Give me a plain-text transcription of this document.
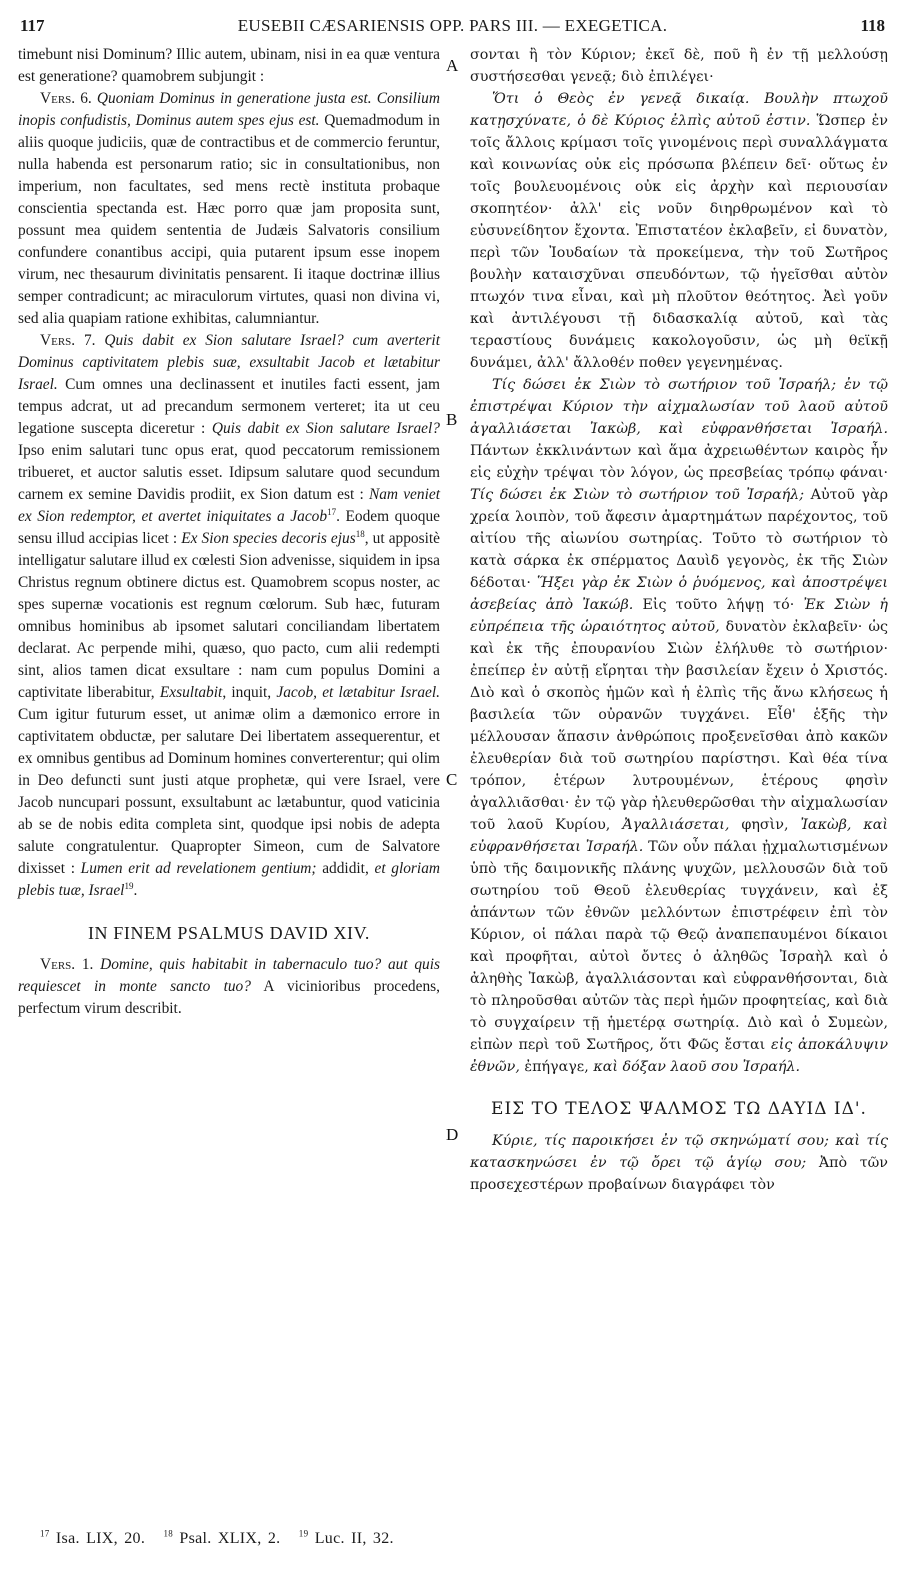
117	EUSEBII CÆSARIENSIS OPP. PARS III. — EXEGETICA.	118

timebunt nisi Dominum? Illic autem, ubinam, nisi in ea quæ ventura est generatione? quamobrem subjungit :

Vers. 6. Quoniam Dominus in generatione justa est. Consilium inopis confudistis, Dominus autem spes ejus est. Quemadmodum in aliis quoque judiciis, quæ de contractibus et de commercio feruntur, nulla habenda est personarum ratio; sic in consultationibus, non imperium, non facultates, sed mens rectè instituta probaque conscientia spectanda est. Hæc porro quæ jam proposita sunt, possunt mea quidem sententia de Judæis Salvatoris consilium confundere conantibus accipi, quia putarent ipsum esse inopem virum, nec thesaurum divinitatis pensarent. Ii itaque doctrinæ illius semper contradicunt; ac miraculorum virtutes, quasi non divina vi, sed alia quapiam ratione exhibitas, calumniantur.

Vers. 7. Quis dabit ex Sion salutare Israel? cum averterit Dominus captivitatem plebis suæ, exsultabit Jacob et lætabitur Israel. Cum omnes una declinassent et inutiles facti essent, jam tempus adcrat, ut ad precandum sermonem verteret; ita ut ceu legatione suscepta diceretur : Quis dabit ex Sion salutare Israel? Ipso enim salutari tunc opus erat, quod peccatorum remissionem tribueret, et auctor salutis esset. Idipsum salutare quod secundum carnem ex semine Davidis prodiit, ex Sion datum est : Nam veniet ex Sion redemptor, et avertet iniquitates a Jacob$^{17}$. Eodem quoque sensu illud accipias licet : Ex Sion species decoris ejus$^{18}$, ut appositè intelligatur salutare illud ex cœlesti Sion advenisse, siquidem in ipsa Christus regnum obtinere dictus est. Quamobrem scopus noster, ac spes supernæ vocationis est regnum cœlorum. Sub hæc, futuram omnibus hominibus ab ipsomet salutari conciliandam libertatem declarat. Ac perpende mihi, quæso, quo pacto, cum alii redempti sint, alios tamen dicat exsultare : nam cum populus Domini a captivitate liberabitur, Exsultabit, inquit, Jacob, et lætabitur Israel. Cum igitur futurum esset, ut animæ olim a dæmonico errore in captivitatem obductæ, per salutare Dei libertatem assequerentur, et ex omnibus gentibus ad Dominum homines converterentur; qui olim in Deo defuncti sunt justi atque prophetæ, qui vere Israel, vere Jacob nuncupari possunt, exsultabunt ac lætabuntur, quod vaticinia ab se de nobis edita completa sint, quodque ipsi nobis de adepta salute congratulentur. Quapropter Simeon, cum de Salvatore dixisset : Lumen erit ad revelationem gentium; addidit, et gloriam plebis tuæ, Israel$^{19}$.

IN FINEM PSALMUS DAVID XIV.

Vers. 1. Domine, quis habitabit in tabernaculo tuo? aut quis requiescet in monte sancto tuo? A vicinioribus procedens, perfectum virum describit.

A
B
C
D

σονται ἢ τὸν Κύριον; ἐκεῖ δὲ, ποῦ ἢ ἐν τῇ μελλούσῃ συστήσεσθαι γενεᾷ; διὸ ἐπιλέγει·

Ὅτι ὁ Θεὸς ἐν γενεᾷ δικαίᾳ. Βουλὴν πτωχοῦ κατῃσχύνατε, ὁ δὲ Κύριος ἐλπὶς αὐτοῦ ἐστιν. Ὥσπερ ἐν τοῖς ἄλλοις κρίμασι τοῖς γινομένοις περὶ συναλλάγματα καὶ κοινωνίας οὐκ εἰς πρόσωπα βλέπειν δεῖ· οὕτως ἐν τοῖς βουλευομένοις οὐκ εἰς ἀρχὴν καὶ περιουσίαν σκοπητέον· ἀλλ' εἰς νοῦν διηρθρωμένον καὶ τὸ εὐσυνείδητον ἔχοντα. Ἐπιστατέον ἐκλαβεῖν, εἰ δυνατὸν, περὶ τῶν Ἰουδαίων τὰ προκείμενα, τὴν τοῦ Σωτῆρος βουλὴν καταισχῦναι σπευδόντων, τῷ ἡγεῖσθαι αὐτὸν πτωχόν τινα εἶναι, καὶ μὴ πλοῦτον θεότητος. Ἀεὶ γοῦν καὶ ἀντιλέγουσι τῇ διδασκαλίᾳ αὐτοῦ, καὶ τὰς τεραστίους δυνάμεις κακολογοῦσιν, ὡς μὴ θεϊκῇ δυνάμει, ἀλλ' ἄλλοθέν ποθεν γεγενημένας.

Τίς δώσει ἐκ Σιὼν τὸ σωτήριον τοῦ Ἰσραήλ; ἐν τῷ ἐπιστρέψαι Κύριον τὴν αἰχμαλωσίαν τοῦ λαοῦ αὐτοῦ ἀγαλλιάσεται Ἰακὼβ, καὶ εὐφρανθήσεται Ἰσραήλ. Πάντων ἐκκλινάντων καὶ ἅμα ἀχρειωθέντων καιρὸς ἦν εἰς εὐχὴν τρέψαι τὸν λόγον, ὡς πρεσβείας τρόπῳ φάναι· Τίς δώσει ἐκ Σιὼν τὸ σωτήριον τοῦ Ἰσραήλ; Αὐτοῦ γὰρ χρεία λοιπὸν, τοῦ ἄφεσιν ἁμαρτημάτων παρέχοντος, τοῦ αἰτίου τῆς αἰωνίου σωτηρίας. Τοῦτο τὸ σωτήριον τὸ κατὰ σάρκα ἐκ σπέρματος Δαυὶδ γεγονὸς, ἐκ τῆς Σιὼν δέδοται· Ἥξει γὰρ ἐκ Σιὼν ὁ ῥυόμενος, καὶ ἀποστρέψει ἀσεβείας ἀπὸ Ἰακώβ. Εἰς τοῦτο λήψῃ τό· Ἐκ Σιὼν ἡ εὐπρέπεια τῆς ὡραιότητος αὐτοῦ, δυνατὸν ἐκλαβεῖν· ὡς καὶ ἐκ τῆς ἐπουρανίου Σιὼν ἐλήλυθε τὸ σωτήριον· ἐπείπερ ἐν αὐτῇ εἴρηται τὴν βασιλείαν ἔχειν ὁ Χριστός. Διὸ καὶ ὁ σκοπὸς ἡμῶν καὶ ἡ ἐλπὶς τῆς ἄνω κλήσεως ἡ βασιλεία τῶν οὐρανῶν τυγχάνει. Εἶθ' ἑξῆς τὴν μέλλουσαν ἅπασιν ἀνθρώποις προξενεῖσθαι ἀπὸ κακῶν ἐλευθερίαν διὰ τοῦ σωτηρίου παρίστησι. Καὶ θέα τίνα τρόπον, ἑτέρων λυτρουμένων, ἑτέρους φησὶν ἀγαλλιᾶσθαι· ἐν τῷ γὰρ ἠλευθερῶσθαι τὴν αἰχμαλωσίαν τοῦ λαοῦ Κυρίου, Ἀγαλλιάσεται, φησὶν, Ἰακὼβ, καὶ εὐφρανθήσεται Ἰσραήλ. Τῶν οὖν πάλαι ᾐχμαλωτισμένων ὑπὸ τῆς δαιμονικῆς πλάνης ψυχῶν, μελλουσῶν διὰ τοῦ σωτηρίου τοῦ Θεοῦ ἐλευθερίας τυγχάνειν, καὶ ἐξ ἁπάντων τῶν ἐθνῶν μελλόντων ἐπιστρέφειν ἐπὶ τὸν Κύριον, οἱ πάλαι παρὰ τῷ Θεῷ ἀναπεπαυμένοι δίκαιοι καὶ προφῆται, αὐτοὶ ὄντες ὁ ἀληθῶς Ἰσραὴλ καὶ ὁ ἀληθὴς Ἰακὼβ, ἀγαλλιάσονται καὶ εὐφρανθήσονται, διὰ τὸ πληροῦσθαι αὐτῶν τὰς περὶ ἡμῶν προφητείας, καὶ διὰ τὸ συγχαίρειν τῇ ἡμετέρᾳ σωτηρίᾳ. Διὸ καὶ ὁ Συμεὼν, εἰπὼν περὶ τοῦ Σωτῆρος, ὅτι Φῶς ἔσται εἰς ἀποκάλυψιν ἐθνῶν, ἐπήγαγε, καὶ δόξαν λαοῦ σου Ἰσραήλ.

ΕΙΣ ΤΟ ΤΕΛΟΣ ΨΑΛΜΟΣ ΤΩ ΔΑΥΙΔ ΙΔ'.

Κύριε, τίς παροικήσει ἐν τῷ σκηνώματί σου; καὶ τίς κατασκηνώσει ἐν τῷ ὄρει τῷ ἁγίῳ σου; Ἀπὸ τῶν προσεχεστέρων προβαίνων διαγράφει τὸν

$^{17}$ Isa. LIX, 20. $^{18}$ Psal. XLIX, 2. $^{19}$ Luc. II, 32.
